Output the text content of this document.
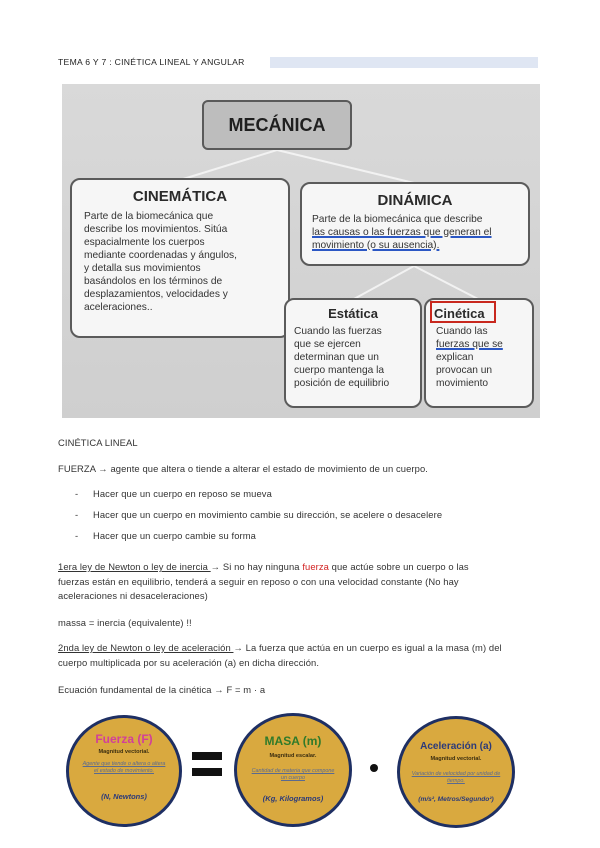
TEMA 6 Y 7 : CINÉTICA LINEAL Y ANGULAR
MECÁNICA
CINEMÁTICA
Parte de la biomecánica que
describe los movimientos. Sitúa
espacialmente los cuerpos
mediante coordenadas y ángulos,
y detalla sus movimientos
basándolos en los términos de
desplazamientos, velocidades y
aceleraciones..
DINÁMICA
Parte de la biomecánica que describe
las causas o las fuerzas que generan el
movimiento (o su ausencia).
Estática
Cuando las fuerzas
que se ejercen
determinan que un
cuerpo mantenga la
posición de equilibrio
Cinética
Cuando las
fuerzas que se
explican
provocan un
movimiento
CINÉTICA LINEAL
FUERZA → agente que altera o tiende a alterar el estado de movimiento de un cuerpo.
- Hacer que un cuerpo en reposo se mueva
- Hacer que un cuerpo en movimiento cambie su dirección, se acelere o desacelere
- Hacer que un cuerpo cambie su forma
1era ley de Newton o ley de inercia → Si no hay ninguna fuerza que actúe sobre un cuerpo o las
fuerzas están en equilibrio, tenderá a seguir en reposo o con una velocidad constante (No hay
aceleraciones ni desaceleraciones)
massa = inercia (equivalente) !!
2nda ley de Newton o ley de aceleración → La fuerza que actúa en un cuerpo es igual a la masa (m) del
cuerpo multiplicada por su aceleración (a) en dicha dirección.
Ecuación fundamental de la cinética → F = m · a
Fuerza (F)
Magnitud vectorial.
Agente que tiende o altera o altera el estado de movimiento.
(N, Newtons)
MASA (m)
Magnitud escalar.
Cantidad de materia que compone un cuerpo
(Kg, Kilogramos)
Aceleración (a)
Magnitud vectorial.
Variación de velocidad por unidad de tiempo.
(m/s², Metros/Segundo²)
